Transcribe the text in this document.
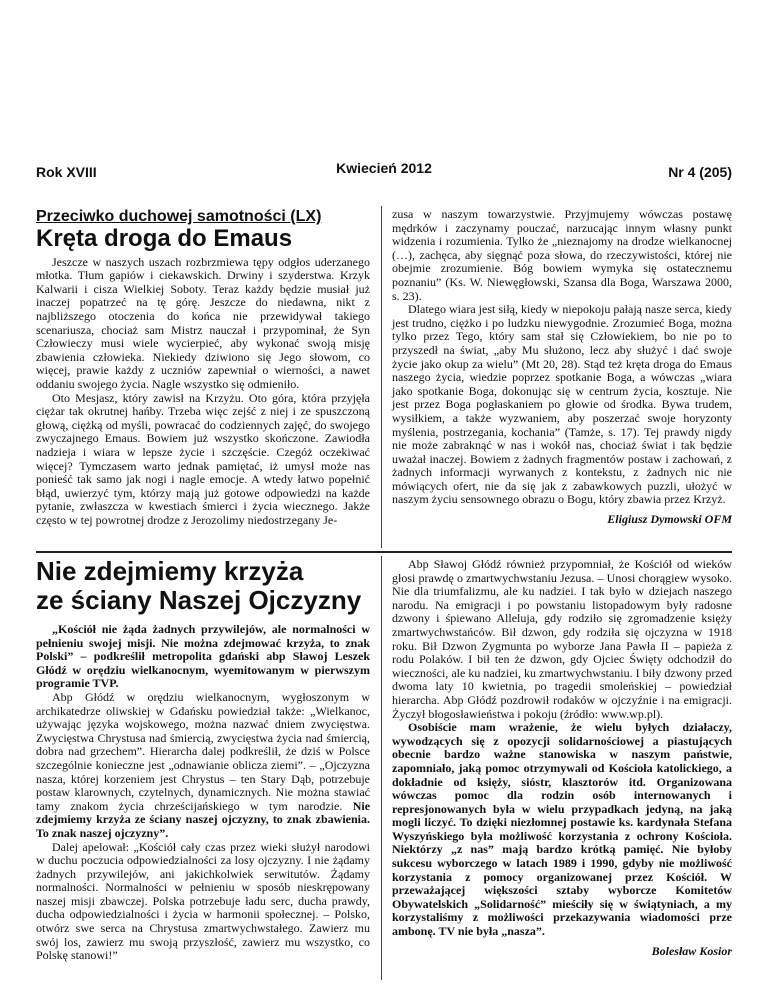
Rok XVIII	Kwiecień 2012	Nr 4 (205)
Przeciwko duchowej samotności (LX)
Kręta droga do Emaus

Jeszcze w naszych uszach rozbrzmiewa tępy odgłos uderzanego młotka. Tłum gapiów i ciekawskich. Drwiny i szyderstwa. Krzyk Kalwarii i cisza Wielkiej Soboty. Teraz każdy będzie musiał już inaczej popatrzeć na tę górę. Jeszcze do niedawna, nikt z najbliższego otoczenia do końca nie przewidywał takiego scenariusza, chociaż sam Mistrz nauczał i przypominał, że Syn Człowieczy musi wiele wycierpieć, aby wykonać swoją misję zbawienia człowieka. Niekiedy dziwiono się Jego słowom, co więcej, prawie każdy z uczniów zapewniał o wierności, a nawet oddaniu swojego życia. Nagle wszystko się odmieniło.

Oto Mesjasz, który zawisł na Krzyżu. Oto góra, która przyjęła ciężar tak okrutnej hańby. Trzeba więc zejść z niej i ze spuszczoną głową, ciężką od myśli, powracać do codziennych zajęć, do swojego zwyczajnego Emaus. Bowiem już wszystko skończone. Zawiodła nadzieja i wiara w lepsze życie i szczęście. Czegóż oczekiwać więcej? Tymczasem warto jednak pamiętać, iż umysł może nas ponieść tak samo jak nogi i nagle emocje. A wtedy łatwo popełnić błąd, uwierzyć tym, którzy mają już gotowe odpowiedzi na każde pytanie, zwłaszcza w kwestiach śmierci i życia wiecznego. Jakże często w tej powrotnej drodze z Jerozolimy niedostrzegany Je-

zusa w naszym towarzystwie. Przyjmujemy wówczas postawę mędrków i zaczynamy pouczać, narzucając innym własny punkt widzenia i rozumienia. Tylko że „nieznajomy na drodze wielkanocnej (…), zachęca, aby sięgnąć poza słowa, do rzeczywistości, której nie obejmie zrozumienie. Bóg bowiem wymyka się ostatecznemu poznaniu” (Ks. W. Niewęgłowski, Szansa dla Boga, Warszawa 2000, s. 23).

Dlatego wiara jest siłą, kiedy w niepokoju pałają nasze serca, kiedy jest trudno, ciężko i po ludzku niewygodnie. Zrozumieć Boga, można tylko przez Tego, który sam stał się Człowiekiem, bo nie po to przyszedł na świat, „aby Mu służono, lecz aby służyć i dać swoje życie jako okup za wielu” (Mt 20, 28). Stąd też kręta droga do Emaus naszego życia, wiedzie poprzez spotkanie Boga, a wówczas „wiara jako spotkanie Boga, dokonując się w centrum życia, kosztuje. Nie jest przez Boga pogłaskaniem po głowie od środka. Bywa trudem, wysiłkiem, a także wyzwaniem, aby poszerzać swoje horyzonty myślenia, postrzegania, kochania” (Tamże, s. 17). Tej prawdy nigdy nie może zabraknąć w nas i wokół nas, chociaż świat i tak będzie uważał inaczej. Bowiem z żadnych fragmentów postaw i zachowań, z żadnych informacji wyrwanych z kontekstu, z żadnych nic nie mówiących ofert, nie da się jak z zabawkowych puzzli, ułożyć w naszym życiu sensownego obrazu o Bogu, który zbawia przez Krzyż.

Eligiusz Dymowski OFM

Nie zdejmiemy krzyża
ze ściany Naszej Ojczyzny

„Kościół nie żąda żadnych przywilejów, ale normalności w pełnieniu swojej misji. Nie można zdejmować krzyża, to znak Polski” – podkreślił metropolita gdański abp Sławoj Leszek Głódź w orędziu wielkanocnym, wyemitowanym w pierwszym programie TVP.

Abp Głódź w orędziu wielkanocnym, wygłoszonym w archikatedrze oliwskiej w Gdańsku powiedział także: „Wielkanoc, używając języka wojskowego, można nazwać dniem zwycięstwa. Zwycięstwa Chrystusa nad śmiercią, zwycięstwa życia nad śmiercią, dobra nad grzechem”. Hierarcha dalej podkreślił, że dziś w Polsce szczególnie konieczne jest „odnawianie oblicza ziemi”. – „Ojczyzna nasza, której korzeniem jest Chrystus – ten Stary Dąb, potrzebuje postaw klarownych, czytelnych, dynamicznych. Nie można stawiać tamy znakom życia chrześcijańskiego w tym narodzie. Nie zdejmiemy krzyża ze ściany naszej ojczyzny, to znak zbawienia. To znak naszej ojczyzny”.

Dalej apelował: „Kościół cały czas przez wieki służył narodowi w duchu poczucia odpowiedzialności za losy ojczyzny. I nie żądamy żadnych przywilejów, ani jakichkolwiek serwitutów. Żądamy normalności. Normalności w pełnieniu w sposób nieskrępowany naszej misji zbawczej. Polska potrzebuje ładu serc, ducha prawdy, ducha odpowiedzialności i życia w harmonii społecznej. – Polsko, otwórz swe serca na Chrystusa zmartwychwstałego. Zawierz mu swój los, zawierz mu swoją przyszłość, zawierz mu wszystko, co Polskę stanowi!”

Abp Sławoj Głódź również przypomniał, że Kościół od wieków głosi prawdę o zmartwychwstaniu Jezusa. – Unosi chorągiew wysoko. Nie dla triumfalizmu, ale ku nadziei. I tak było w dziejach naszego narodu. Na emigracji i po powstaniu listopadowym były radosne dzwony i śpiewano Alleluja, gdy rodziło się zgromadzenie księży zmartwychwstańców. Bił dzwon, gdy rodziła się ojczyzna w 1918 roku. Bił Dzwon Zygmunta po wyborze Jana Pawła II – papieża z rodu Polaków. I bił ten że dzwon, gdy Ojciec Święty odchodził do wieczności, ale ku nadziei, ku zmartwychwstaniu. I biły dzwony przed dwoma laty 10 kwietnia, po tragedii smoleńskiej – powiedział hierarcha. Abp Głódź pozdrowił rodaków w ojczyźnie i na emigracji. Życzył błogosławieństwa i pokoju (źródło: www.wp.pl).

Osobiście mam wrażenie, że wielu byłych działaczy, wywodzących się z opozycji solidarnościowej a piastujących obecnie bardzo ważne stanowiska w naszym państwie, zapomniało, jaką pomoc otrzymywali od Kościoła katolickiego, a dokładnie od księży, sióstr, klasztorów itd. Organizowana wówczas pomoc dla rodzin osób internowanych i represjonowanych była w wielu przypadkach jedyną, na jaką mogli liczyć. To dzięki niezłomnej postawie ks. kardynała Stefana Wyszyńskiego była możliwość korzystania z ochrony Kościoła. Niektórzy „z nas” mają bardzo krótką pamięć. Nie byłoby sukcesu wyborczego w latach 1989 i 1990, gdyby nie możliwość korzystania z pomocy organizowanej przez Kościół. W przeważającej większości sztaby wyborcze Komitetów Obywatelskich „Solidarność” mieściły się w świątyniach, a my korzystaliśmy z możliwości przekazywania wiadomości prze ambonę. TV nie była „nasza”.

Bolesław Kosior
